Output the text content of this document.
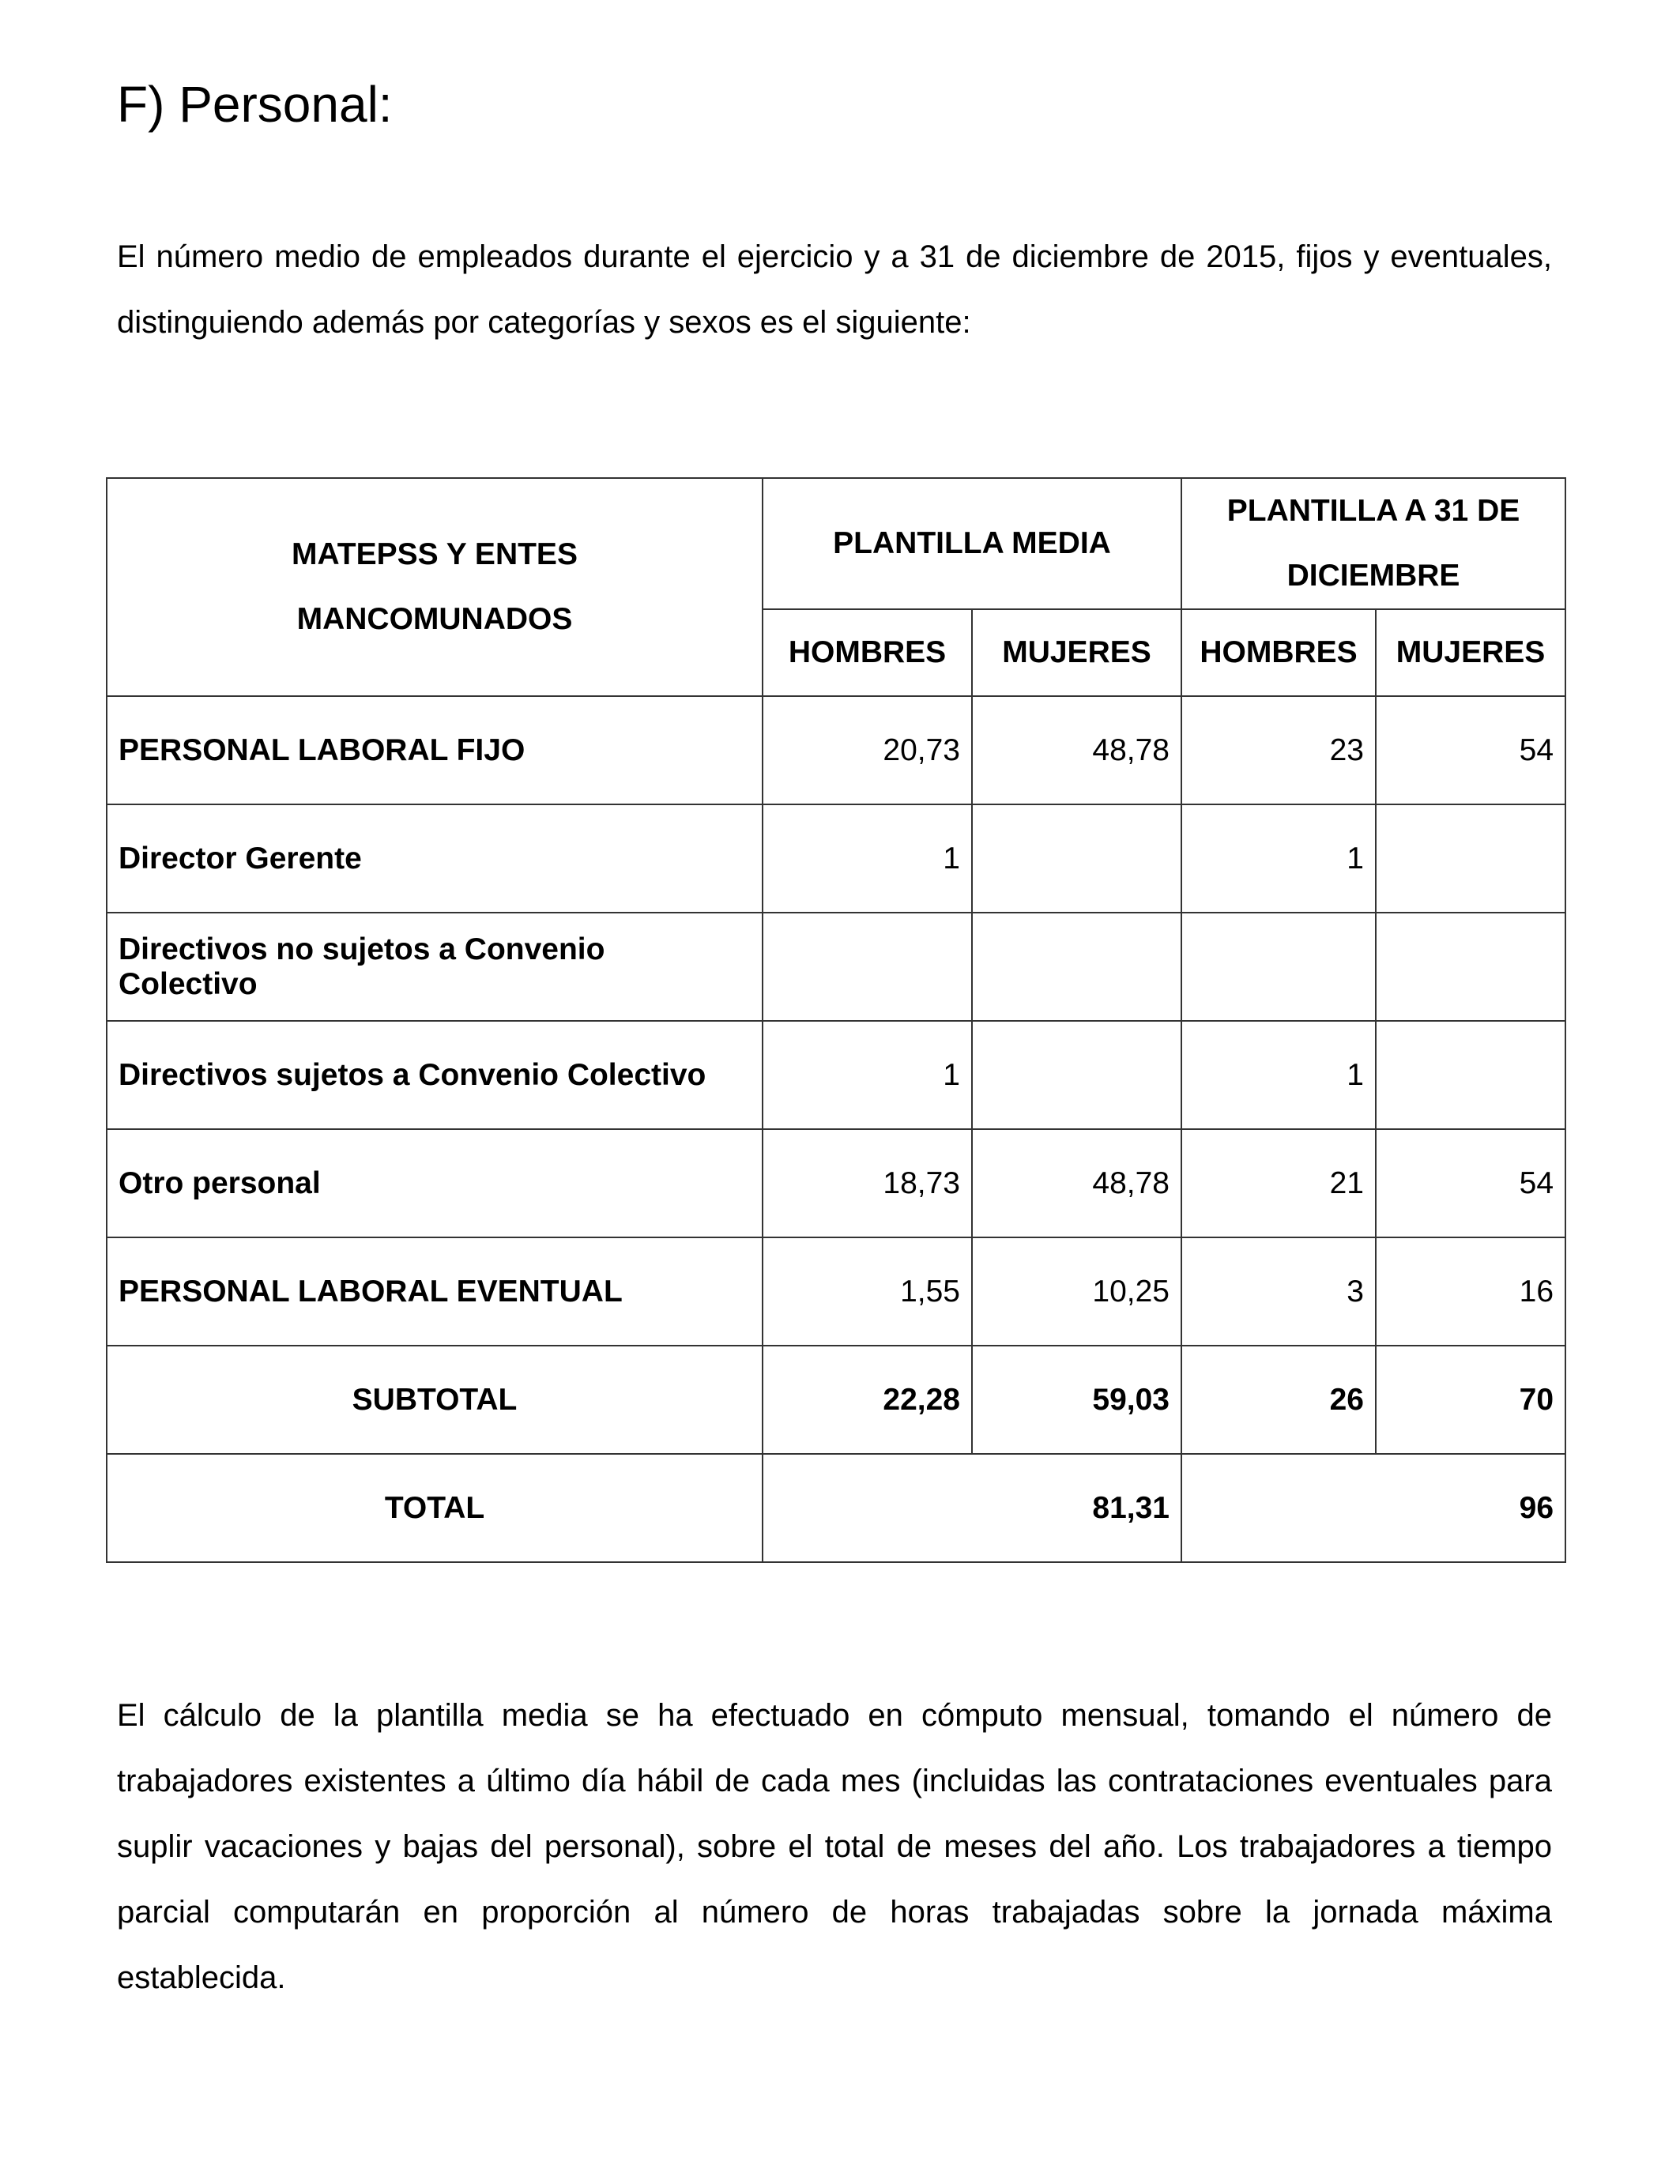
F) Personal:

El número medio de empleados durante el ejercicio y a 31 de diciembre de 2015, fijos y eventuales, distinguiendo además por categorías y sexos es el siguiente:

MATEPSS Y ENTES MANCOMUNADOS	PLANTILLA MEDIA		PLANTILLA A 31 DE DICIEMBRE	
	HOMBRES	MUJERES	HOMBRES	MUJERES
PERSONAL LABORAL FIJO	20,73	48,78	23	54
Director Gerente	1		1	
Directivos no sujetos a Convenio Colectivo				
Directivos sujetos a Convenio Colectivo	1		1	
Otro personal	18,73	48,78	21	54
PERSONAL LABORAL EVENTUAL	1,55	10,25	3	16
SUBTOTAL	22,28	59,03	26	70
TOTAL	81,31		96	

El cálculo de la plantilla media se ha efectuado en cómputo mensual, tomando el número de trabajadores existentes a último día hábil de cada mes (incluidas las contrataciones eventuales para suplir vacaciones y bajas del personal), sobre el total de meses del año. Los trabajadores a tiempo parcial computarán en proporción al número de horas trabajadas sobre la jornada máxima establecida.
